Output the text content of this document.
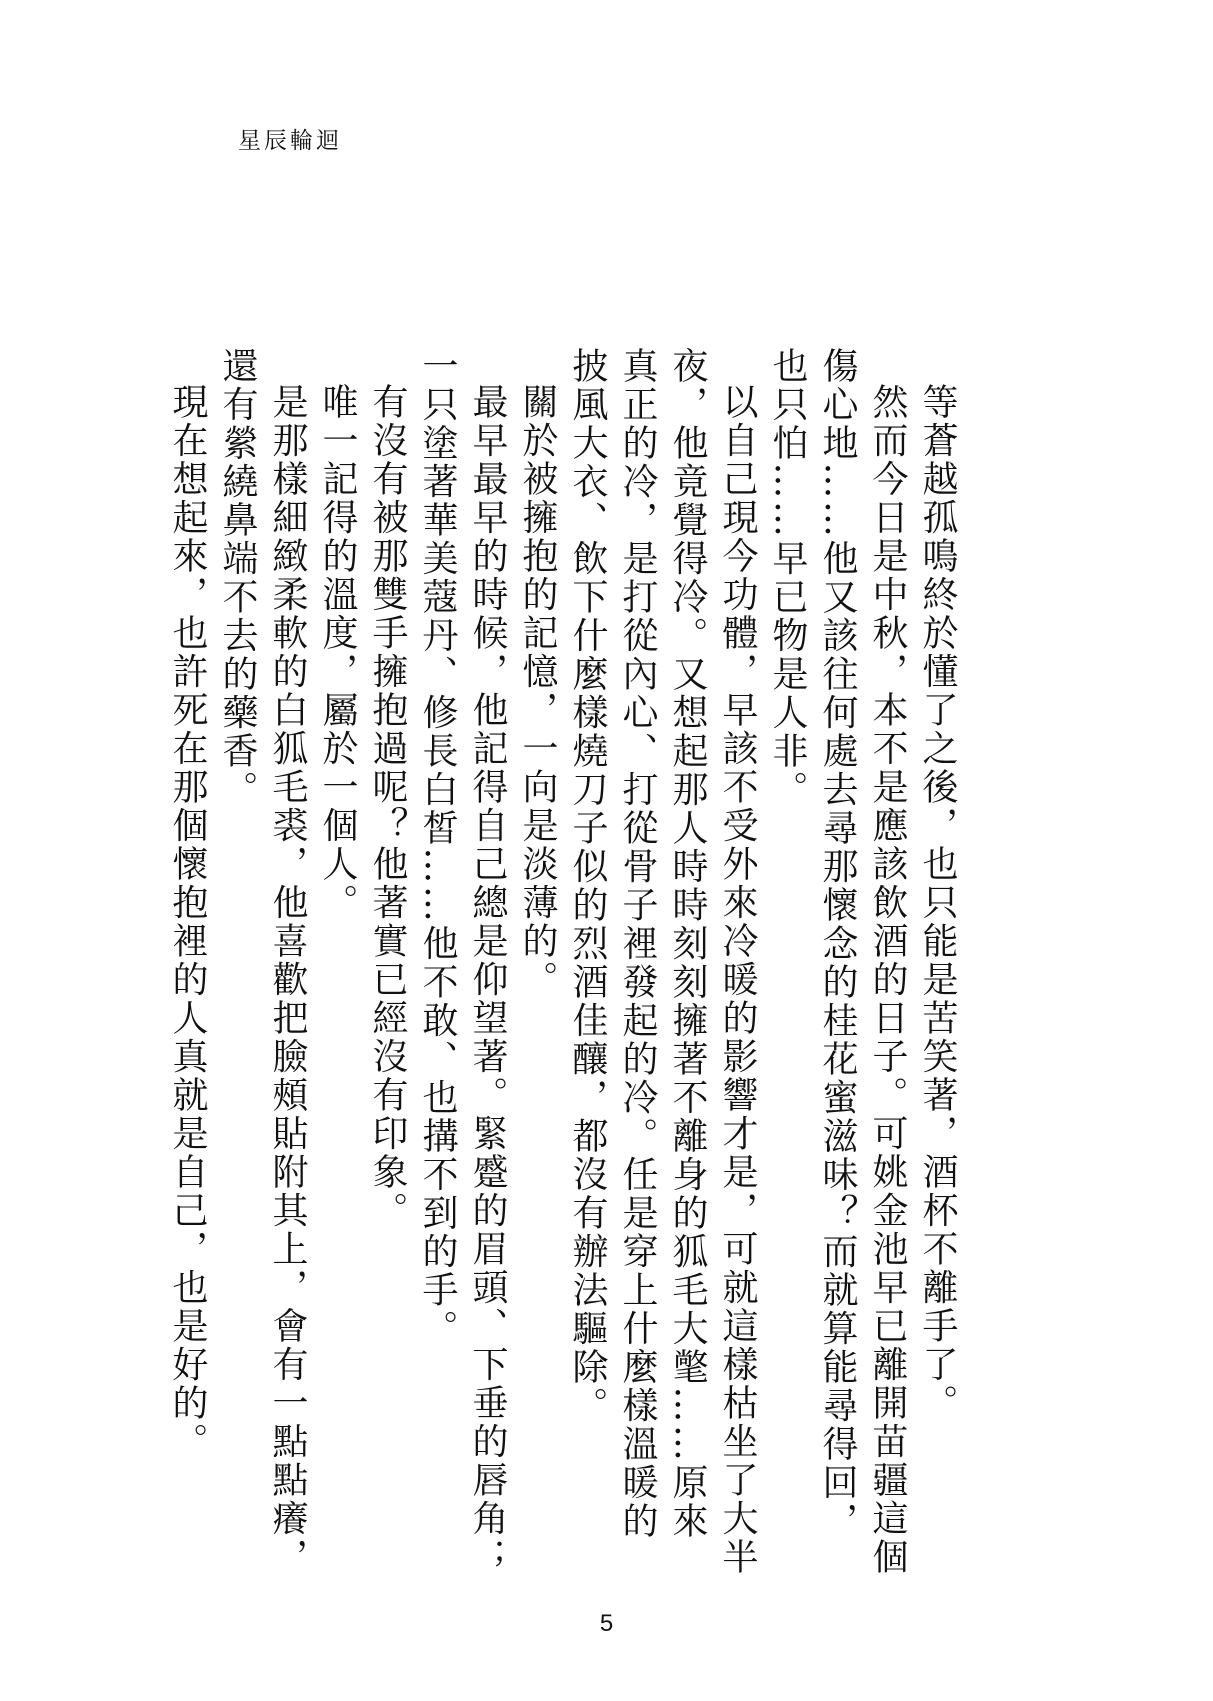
星辰輪迴

等蒼越孤鳴終於懂了之後，也只能是苦笑著，酒杯不離手了。

然而今日是中秋，本不是應該飲酒的日子。可姚金池早已離開苗疆這個傷心地……他又該往何處去尋那懷念的桂花蜜滋味？而就算能尋得回，也只怕……早已物是人非。

以自己現今功體，早該不受外來冷暖的影響才是，可就這樣枯坐了大半夜，他竟覺得冷。又想起那人時時刻刻擁著不離身的狐毛大氅……原來真正的冷，是打從內心、打從骨子裡發起的冷。任是穿上什麼樣溫暖的披風大衣、飲下什麼樣燒刀子似的烈酒佳釀，都沒有辦法驅除。

關於被擁抱的記憶，一向是淡薄的。

最早最早的時候，他記得自己總是仰望著。緊蹙的眉頭、下垂的唇角；一只塗著華美蔻丹、修長白皙……他不敢、也搆不到的手。

有沒有被那雙手擁抱過呢？他著實已經沒有印象。

唯一記得的溫度，屬於一個人。

是那樣細緻柔軟的白狐毛裘，他喜歡把臉頰貼附其上，會有一點點癢，還有縈繞鼻端不去的藥香。

現在想起來，也許死在那個懷抱裡的人真就是自己，也是好的。

5
